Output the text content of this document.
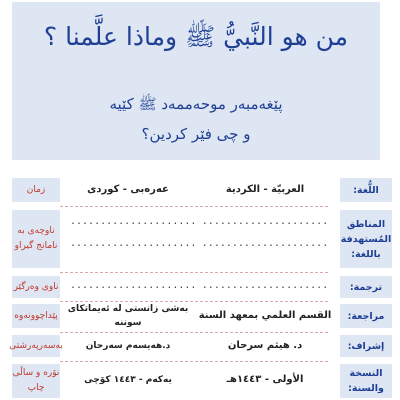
من هو النَّبيُّ ﷺ وماذا علَّمنا ؟
پێغەمبەر موحەممەد ﷺ کێیە
و چی فێر کردین؟
اللُّغة:
العربيّة - الكردية
عەرەبی - کوردی
زمان
المناطق المُستهدفة باللغة:
.....................
.....................
.....................
.....................
ناوچەی بە نامانج گیراو
ترجمة:
.....................
.....................
ناوی وەرگێر
مراجعة:
القسم العلمي بمعهد السنة
بەشی زانستی لە ئەیماتکای سوننە
پێداچوونەوە
إشراف:
د. هيثم سرحان
د.هەیسەم سەرحان
بەسەرپەرشتی
النسخة والسنة:
الأولى - ١٤٤٣هـ
یەکەم - ١٤٤٣ کۆچی
نۆرە و ساڵی چاپ
